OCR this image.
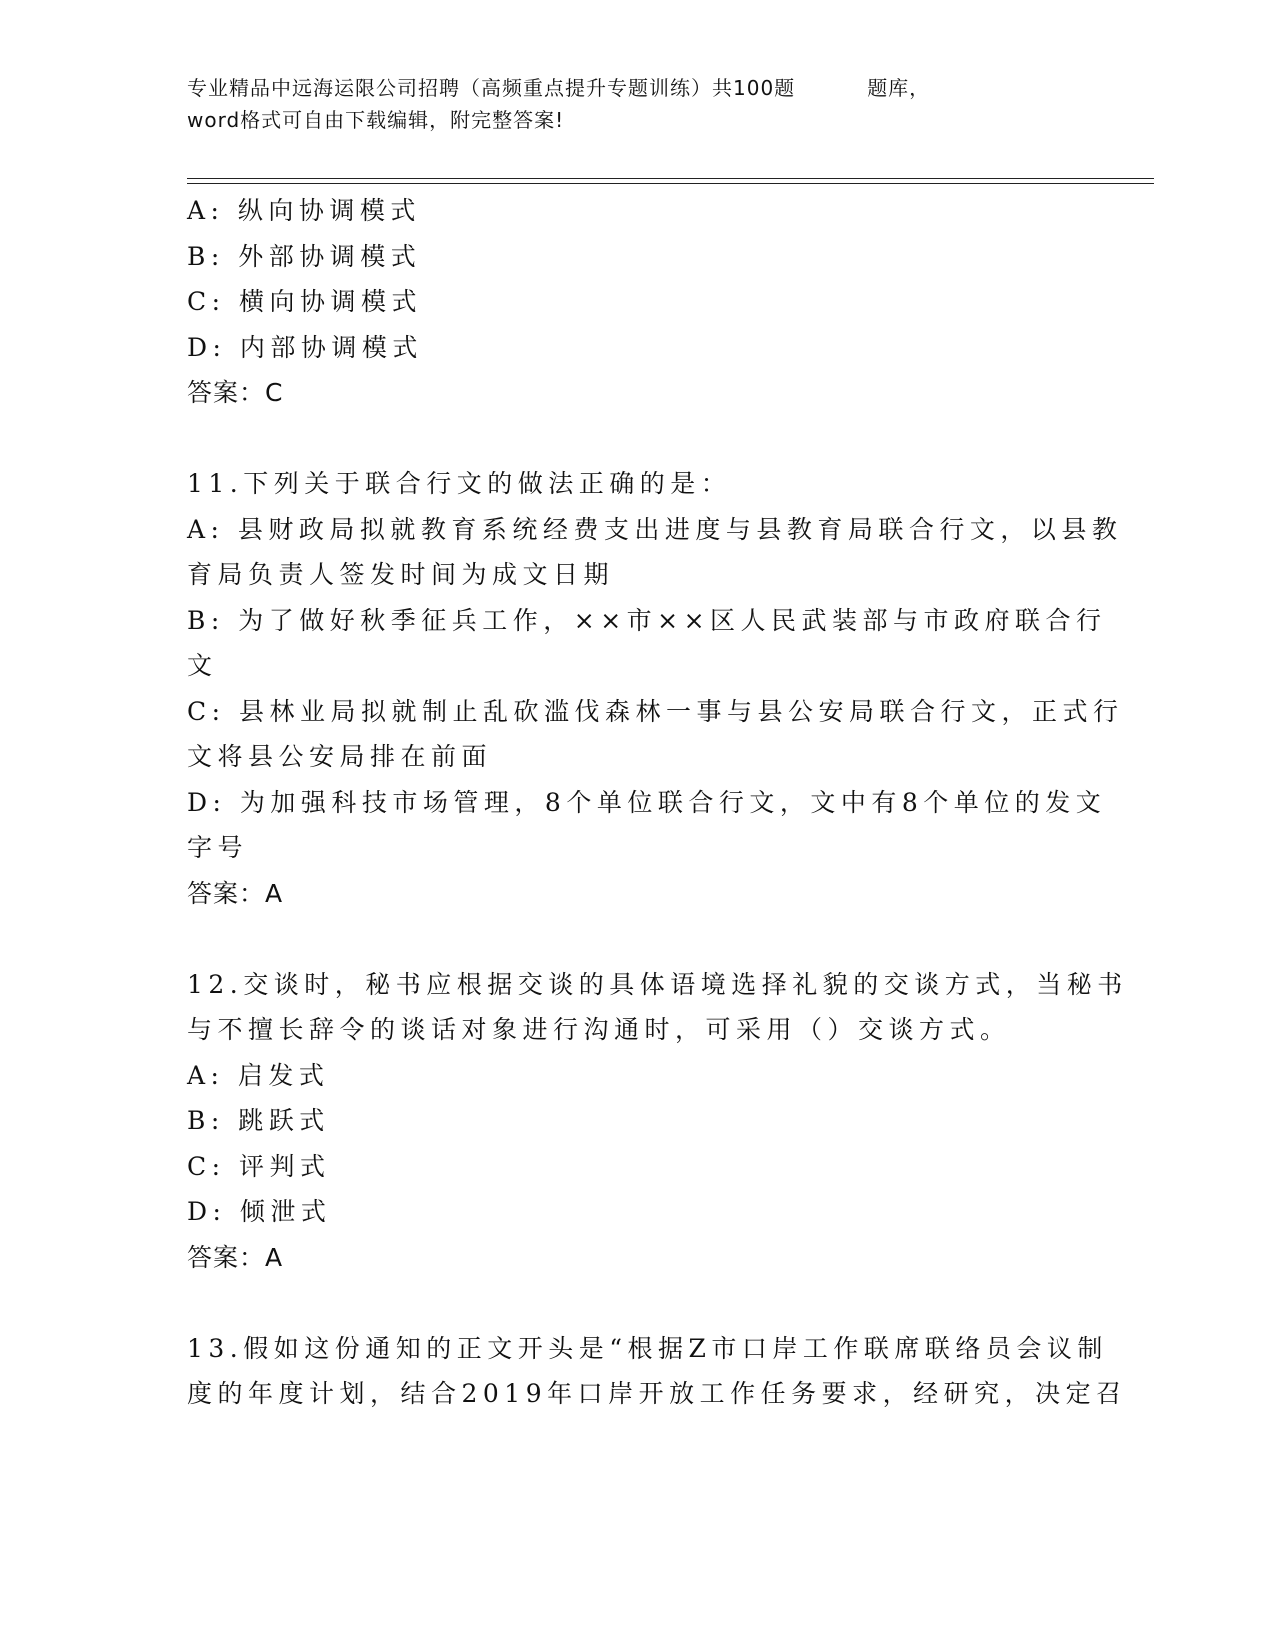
专业精品中远海运限公司招聘（高频重点提升专题训练）共100题	题库，
word格式可自由下载编辑，附完整答案!
A: 纵向协调模式
B: 外部协调模式
C: 横向协调模式
D: 内部协调模式
答案：C
11.下列关于联合行文的做法正确的是：
A: 县财政局拟就教育系统经费支出进度与县教育局联合行文，以县教
育局负责人签发时间为成文日期
B: 为了做好秋季征兵工作，××市××区人民武装部与市政府联合行
文
C: 县林业局拟就制止乱砍滥伐森林一事与县公安局联合行文，正式行
文将县公安局排在前面
D: 为加强科技市场管理，8个单位联合行文，文中有8个单位的发文
字号
答案：A
12.交谈时，秘书应根据交谈的具体语境选择礼貌的交谈方式，当秘书
与不擅长辞令的谈话对象进行沟通时，可采用（）交谈方式。
A: 启发式
B: 跳跃式
C: 评判式
D: 倾泄式
答案：A
13.假如这份通知的正文开头是“根据Z市口岸工作联席联络员会议制
度的年度计划，结合2019年口岸开放工作任务要求，经研究，决定召
